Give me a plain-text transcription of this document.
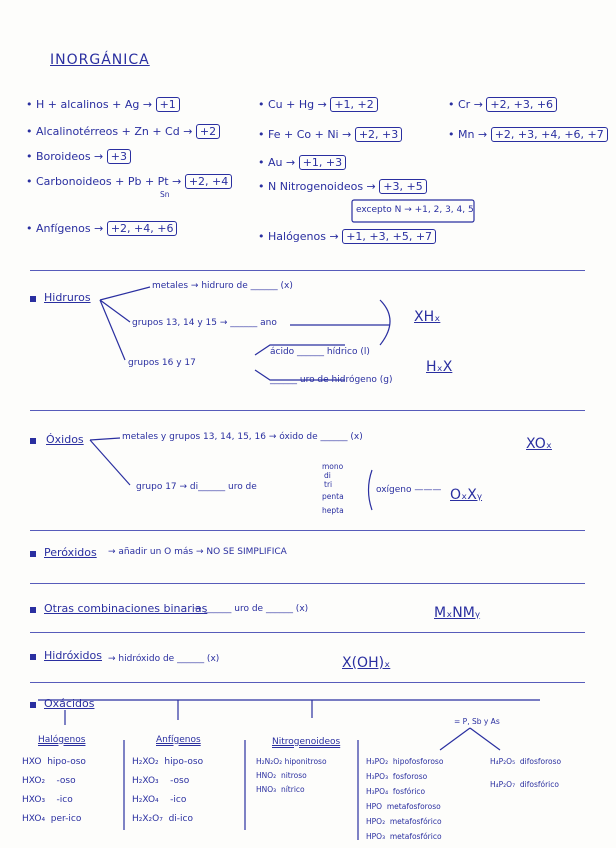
INORGÁNICA
• H + alcalinos + Ag → +1
• Alcalinotérreos + Zn + Cd → +2
• Boroideos → +3
• Carbonoideos + Pb + Pt → +2, +4
Sn
• Anfígenos → +2, +4, +6
• Cu + Hg → +1, +2	• Cr → +2, +3, +6
• Fe + Co + Ni → +2, +3	• Mn → +2, +3, +4, +6, +7
• Au → +1, +3
• N Nitrogenoideos → +3, +5
excepto N → +1, 2, 3, 4, 5
• Halógenos → +1, +3, +5, +7
Hidruros
metales → hidruro de ______ (x)
grupos 13, 14 y 15 → ______ ano	XHₓ
grupos 16 y 17
ácido ______ hídrico (l)
______ uro de hidrógeno (g)
HₓX
Óxidos	metales y grupos 13, 14, 15, 16 → óxido de ______ (x)	XOₓ
grupo 17 → di______ uro de
mono
di
tri
penta
hepta
oxígeno ——— OₓXᵧ
Peróxidos → añadir un O más → NO SE SIMPLIFICA
Otras combinaciones binarias
→ ______ uro de ______ (x)	MₓNMᵧ
Hidróxidos → hidróxido de ______ (x)	X(OH)ₓ
Oxácidos
Halógenos
HXO hipo-oso
HXO₂ -oso
HXO₃ -ico
HXO₄ per-ico
Anfígenos
H₂XO₂ hipo-oso
H₂XO₃ -oso
H₂XO₄ -ico
H₂X₂O₇ di-ico
Nitrogenoideos
H₂N₂O₂ hiponitroso
HNO₂ nitroso
HNO₃ nítrico
= P, Sb y As
H₃PO₂ hipofosforoso
H₃PO₃ fosforoso
H₃PO₄ fosfórico
HPO metafosforoso
HPO₂ metafosfórico
HPO₃ metafosfórico
H₄P₂O₅ difosforoso
H₄P₂O₇ difosfórico
